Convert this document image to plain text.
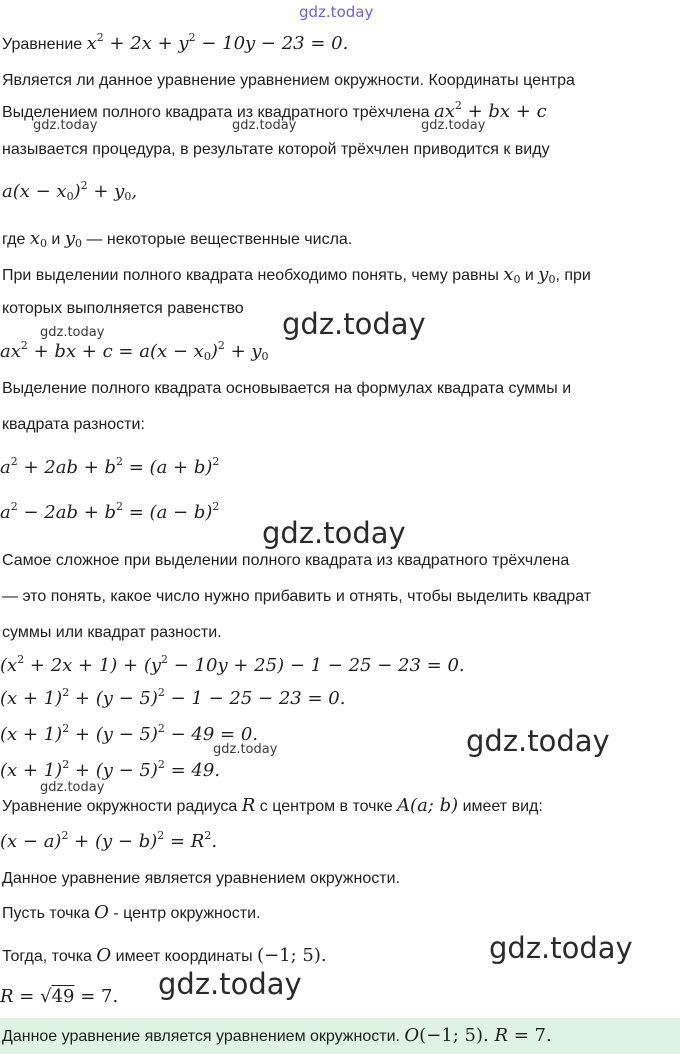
gdz.today
gdz.today	gdz.today	gdz.today
gdz.today	gdz.today
gdz.today
gdz.today
gdz.today
gdz.today
gdz.today
gdz.today
Уравнение $x^2 + 2x + y^2 - 10y - 23 = 0$.
Является ли данное уравнение уравнением окружности. Координаты центра
Выделением полного квадрата из квадратного трёхчлена $ax^2$ + bx + c
называется процедура, в результате которой трёхчлен приводится к виду
$a(x - x_0)^2 + y_0$,
где $x_0$ и $y_0$ — некоторые вещественные числа.
При выделении полного квадрата необходимо понять, чему равны $x_0$ и $y_0$, при
которых выполняется равенство
$ax^2$ + bx + $c = a(x - x_0)^2 + y_0$
Выделение полного квадрата основывается на формулах квадрата суммы и
квадрата разности:
$a^2 + 2ab + b^2 = (a + b)^2$
$a^2 - 2ab + b^2 = (a - b)^2$
Самое сложное при выделении полного квадрата из квадратного трёхчлена
— это понять, какое число нужно прибавить и отнять, чтобы выделить квадрат
суммы или квадрат разности.
$(x^2 + 2x + 1) + (y^2 - 10y + 25) - 1 - 25 - 23 = 0$.
$(x + 1)^2 + (y - 5)^2 - 1 - 25 - 23 = 0$.
$(x + 1)^2 + (y - 5)^2 - 49 = 0$.
$(x + 1)^2 + (y - 5)^2 = 49$.
Уравнение окружности радиуса R с центром в точке A(a; b) имеет вид:
$(x - a)^2 + (y - b)^2 = R^2$.
Данное уравнение является уравнением окружности.
Пусть точка O - центр окружности.
Тогда, точка O имеет координаты (−1; 5).
R = √49 = 7.
Данное уравнение является уравнением окружности. O(−1; 5). R = 7.
